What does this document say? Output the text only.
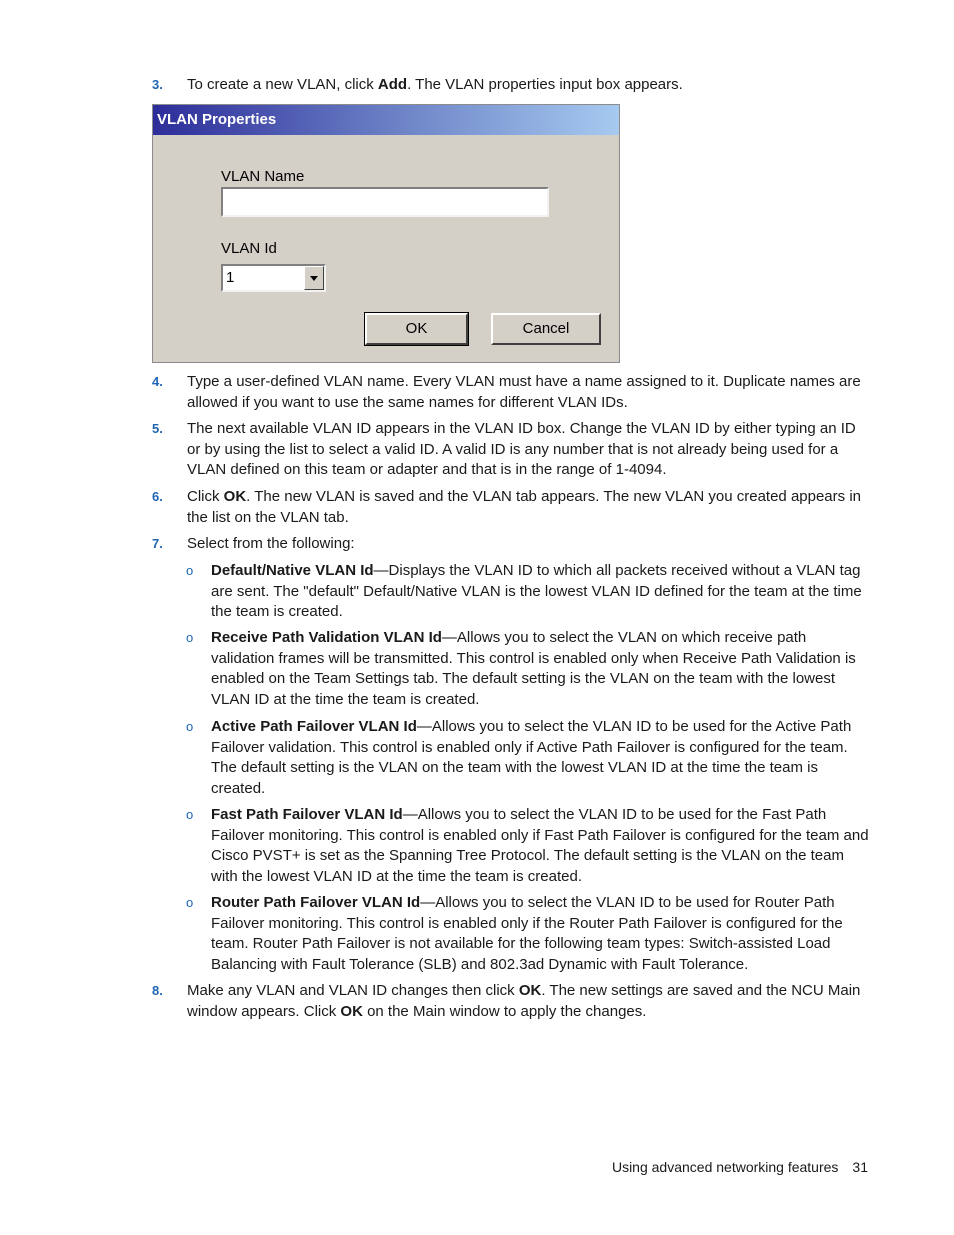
3. To create a new VLAN, click Add. The VLAN properties input box appears.
VLAN Properties
VLAN Name
VLAN Id
1
OK	Cancel
4. Type a user-defined VLAN name. Every VLAN must have a name assigned to it. Duplicate names are allowed if you want to use the same names for different VLAN IDs.
5. The next available VLAN ID appears in the VLAN ID box. Change the VLAN ID by either typing an ID or by using the list to select a valid ID. A valid ID is any number that is not already being used for a VLAN defined on this team or adapter and that is in the range of 1-4094.
6. Click OK. The new VLAN is saved and the VLAN tab appears. The new VLAN you created appears in the list on the VLAN tab.
7. Select from the following:
o Default/Native VLAN Id—Displays the VLAN ID to which all packets received without a VLAN tag are sent. The "default" Default/Native VLAN is the lowest VLAN ID defined for the team at the time the team is created.
o Receive Path Validation VLAN Id—Allows you to select the VLAN on which receive path validation frames will be transmitted. This control is enabled only when Receive Path Validation is enabled on the Team Settings tab. The default setting is the VLAN on the team with the lowest VLAN ID at the time the team is created.
o Active Path Failover VLAN Id—Allows you to select the VLAN ID to be used for the Active Path Failover validation. This control is enabled only if Active Path Failover is configured for the team. The default setting is the VLAN on the team with the lowest VLAN ID at the time the team is created.
o Fast Path Failover VLAN Id—Allows you to select the VLAN ID to be used for the Fast Path Failover monitoring. This control is enabled only if Fast Path Failover is configured for the team and Cisco PVST+ is set as the Spanning Tree Protocol. The default setting is the VLAN on the team with the lowest VLAN ID at the time the team is created.
o Router Path Failover VLAN Id—Allows you to select the VLAN ID to be used for Router Path Failover monitoring. This control is enabled only if the Router Path Failover is configured for the team. Router Path Failover is not available for the following team types: Switch-assisted Load Balancing with Fault Tolerance (SLB) and 802.3ad Dynamic with Fault Tolerance.
8. Make any VLAN and VLAN ID changes then click OK. The new settings are saved and the NCU Main window appears. Click OK on the Main window to apply the changes.
Using advanced networking features 31
